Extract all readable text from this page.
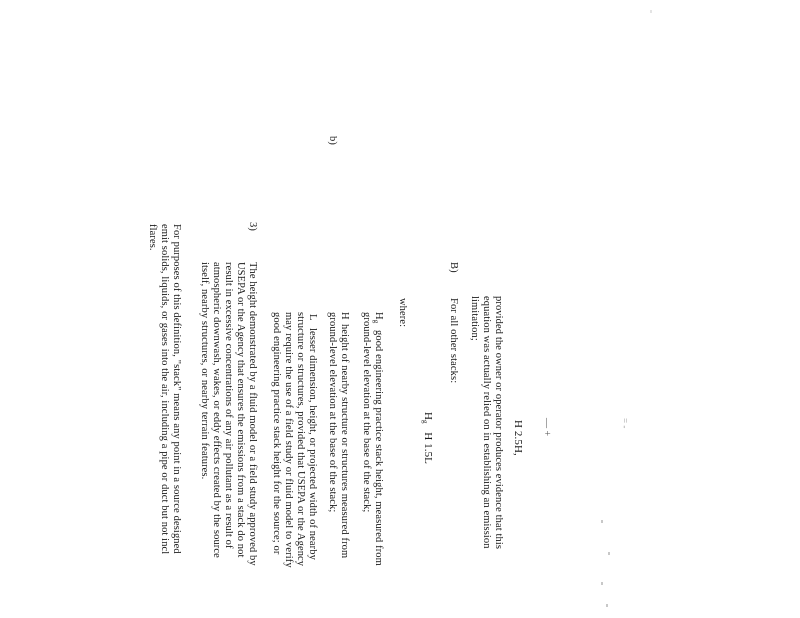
H 2.5H, — +	= -
provided the owner or operator produces evidence that this
equation was actually relied on in establishing an emission
limitation;
B)
For all other stacks:
$H_g$   H 1.5L
where:
$H_g$
good engineering practice stack height, measured from
ground-level elevation at the base of the stack;
H
height of nearby structure or structures measured from
ground-level elevation at the base of the stack;
L
lesser dimension, height, or projected width of nearby
structure or structures, provided that USEPA or the Agency
may require the use of a field study or fluid model to verify
good engineering practice stack height for the source; or
b)
3)
The height demonstrated by a fluid model or a field study approved by
USEPA or the Agency that ensures the emissions from a stack do not
result in excessive concentrations of any air pollutant as a result of
atmospheric downwash, wakes, or eddy effects created by the source
itself, nearby structures, or nearby terrain features.
For purposes of this definition, "stack" means any point in a source designed
emit solids, liquids, or gases into the air, including a pipe or duct but not incl
flares.
